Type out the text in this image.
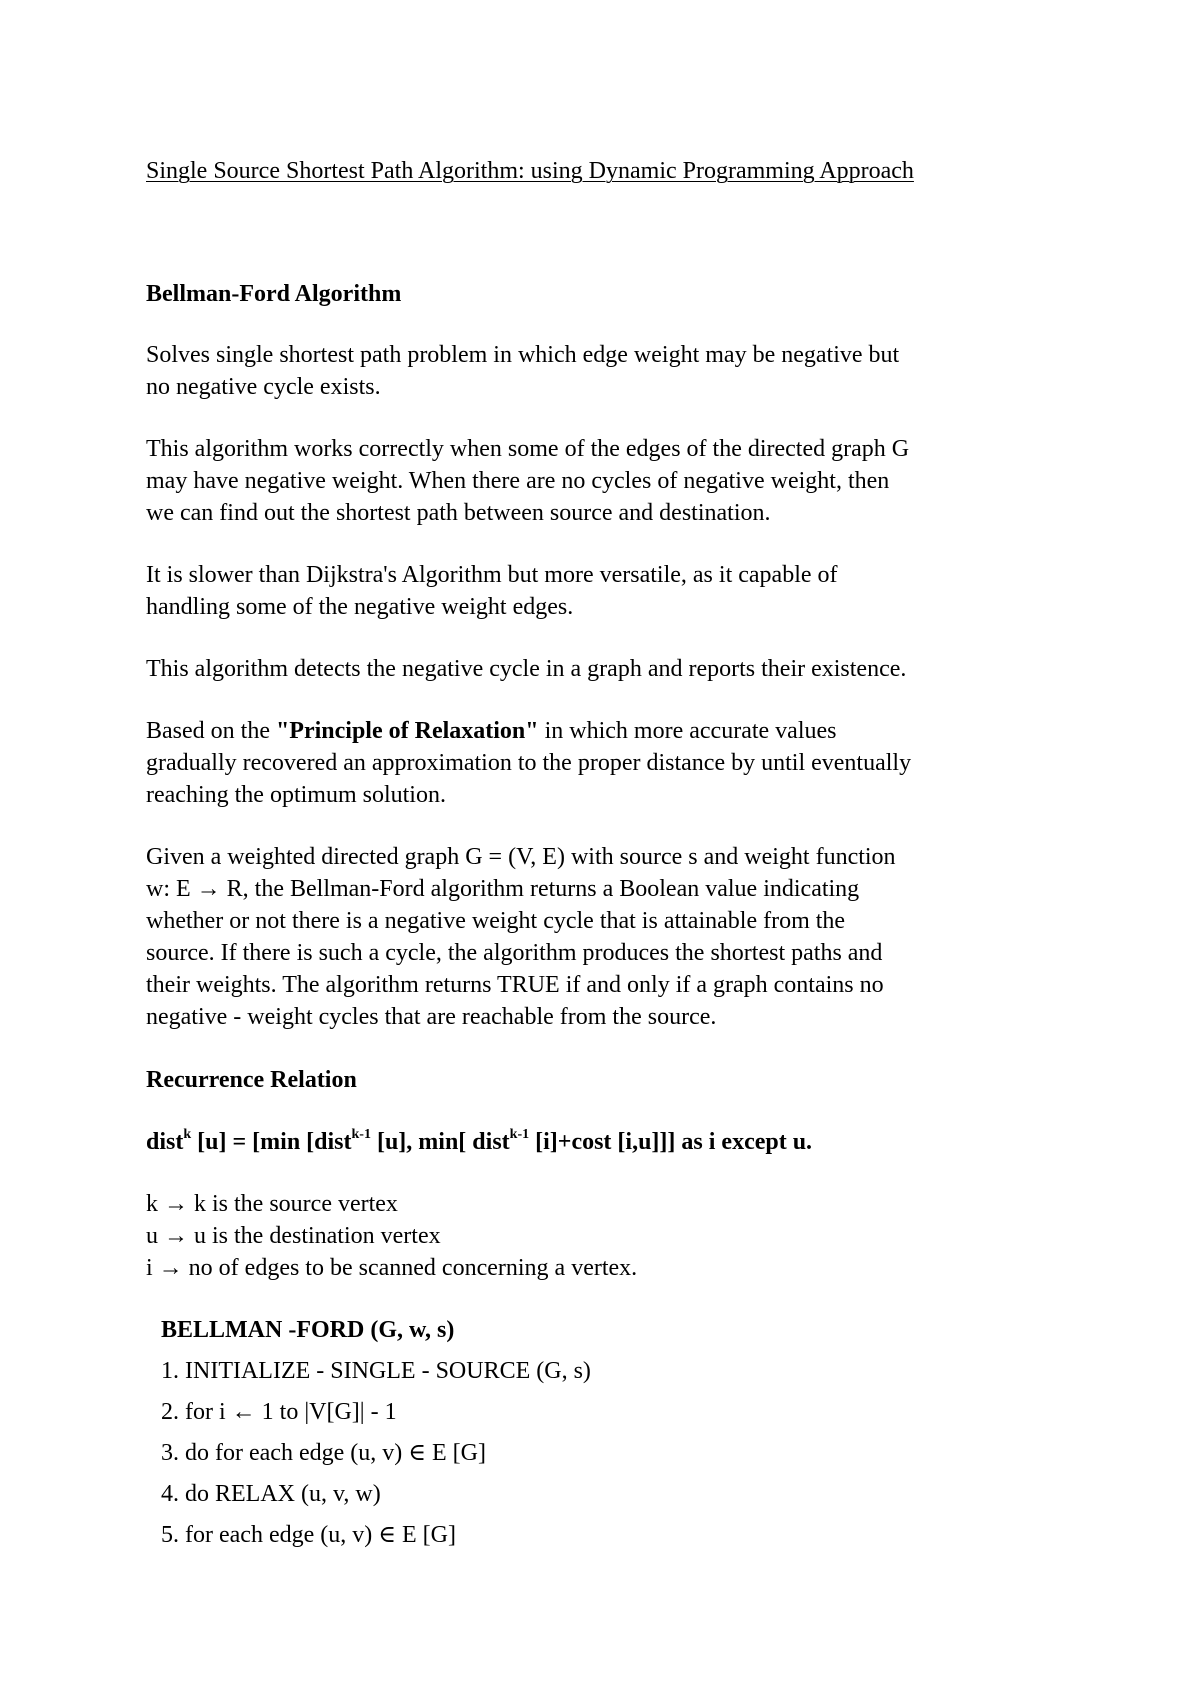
Single Source Shortest Path Algorithm: using Dynamic Programming Approach
Bellman-Ford Algorithm
Solves single shortest path problem in which edge weight may be negative but
no negative cycle exists.
This algorithm works correctly when some of the edges of the directed graph G
may have negative weight. When there are no cycles of negative weight, then
we can find out the shortest path between source and destination.
It is slower than Dijkstra's Algorithm but more versatile, as it capable of
handling some of the negative weight edges.
This algorithm detects the negative cycle in a graph and reports their existence.
Based on the "Principle of Relaxation" in which more accurate values
gradually recovered an approximation to the proper distance by until eventually
reaching the optimum solution.
Given a weighted directed graph G = (V, E) with source s and weight function
w: E → R, the Bellman-Ford algorithm returns a Boolean value indicating
whether or not there is a negative weight cycle that is attainable from the
source. If there is such a cycle, the algorithm produces the shortest paths and
their weights. The algorithm returns TRUE if and only if a graph contains no
negative - weight cycles that are reachable from the source.
Recurrence Relation
dist$^k$ [u] = [min [dist$^{k-1}$ [u], min[ dist$^{k-1}$ [i]+cost [i,u]]] as i except u.
k → k is the source vertex
u → u is the destination vertex
i → no of edges to be scanned concerning a vertex.
BELLMAN -FORD (G, w, s)
1. INITIALIZE - SINGLE - SOURCE (G, s)
2. for i ← 1 to |V[G]| - 1
3. do for each edge (u, v) ∈ E [G]
4. do RELAX (u, v, w)
5. for each edge (u, v) ∈ E [G]
